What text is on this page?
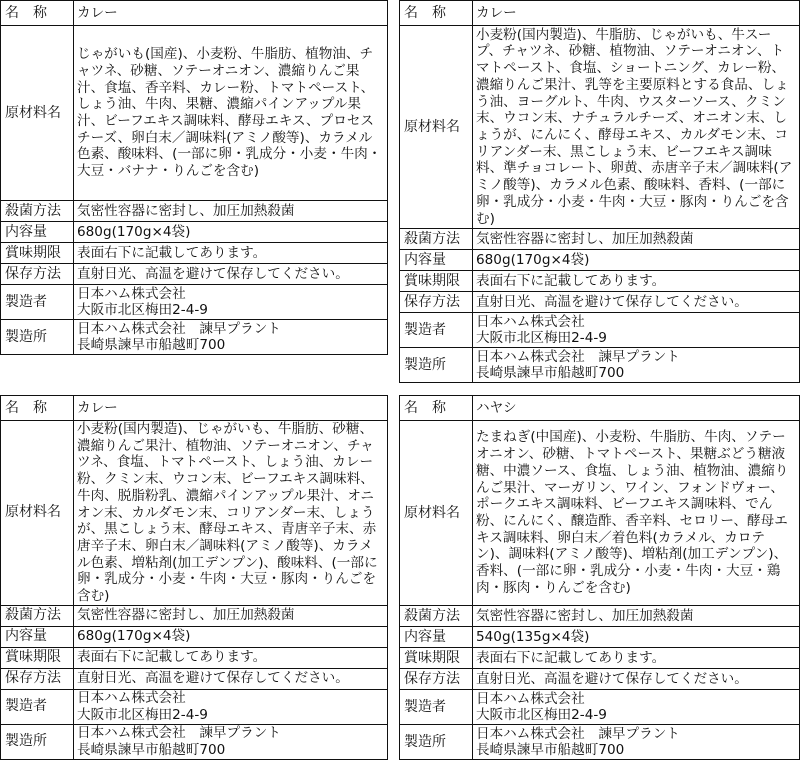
名　称	カレー

原材料名	じゃがいも(国産)、小麦粉、牛脂肪、植物油、チャツネ、砂糖、ソテーオニオン、濃縮りんご果汁、食塩、香辛料、カレー粉、トマトペースト、しょう油、牛肉、果糖、濃縮パインアップル果汁、ビーフエキス調味料、酵母エキス、プロセスチーズ、卵白末／調味料(アミノ酸等)、カラメル色素、酸味料、(一部に卵・乳成分・小麦・牛肉・大豆・バナナ・りんごを含む)

殺菌方法	気密性容器に密封し、加圧加熱殺菌

内容量	680g(170g×4袋)

賞味期限	表面右下に記載してあります。

保存方法	直射日光、高温を避けて保存してください。

製造者	日本ハム株式会社
大阪市北区梅田2-4-9

製造所	日本ハム株式会社　諫早プラント
長崎県諫早市船越町700
名　称	カレー

原材料名	小麦粉(国内製造)、牛脂肪、じゃがいも、牛スープ、チャツネ、砂糖、植物油、ソテーオニオン、トマトペースト、食塩、ショートニング、カレー粉、濃縮りんご果汁、乳等を主要原料とする食品、しょう油、ヨーグルト、牛肉、ウスターソース、クミン末、ウコン末、ナチュラルチーズ、オニオン末、しょうが、にんにく、酵母エキス、カルダモン末、コリアンダー末、黒こしょう末、ビーフエキス調味料、準チョコレート、卵黄、赤唐辛子末／調味料(アミノ酸等)、カラメル色素、酸味料、香料、(一部に卵・乳成分・小麦・牛肉・大豆・豚肉・りんごを含む)

殺菌方法	気密性容器に密封し、加圧加熱殺菌

内容量	680g(170g×4袋)

賞味期限	表面右下に記載してあります。

保存方法	直射日光、高温を避けて保存してください。

製造者	日本ハム株式会社
大阪市北区梅田2-4-9

製造所	日本ハム株式会社　諫早プラント
長崎県諫早市船越町700
名　称	カレー

原材料名	小麦粉(国内製造)、じゃがいも、牛脂肪、砂糖、濃縮りんご果汁、植物油、ソテーオニオン、チャツネ、食塩、トマトペースト、しょう油、カレー粉、クミン末、ウコン末、ビーフエキス調味料、牛肉、脱脂粉乳、濃縮パインアップル果汁、オニオン末、カルダモン末、コリアンダー末、しょうが、黒こしょう末、酵母エキス、青唐辛子末、赤唐辛子末、卵白末／調味料(アミノ酸等)、カラメル色素、増粘剤(加工デンプン)、酸味料、(一部に卵・乳成分・小麦・牛肉・大豆・豚肉・りんごを含む)

殺菌方法	気密性容器に密封し、加圧加熱殺菌

内容量	680g(170g×4袋)

賞味期限	表面右下に記載してあります。

保存方法	直射日光、高温を避けて保存してください。

製造者	日本ハム株式会社
大阪市北区梅田2-4-9

製造所	日本ハム株式会社　諫早プラント
長崎県諫早市船越町700
名　称	ハヤシ

原材料名	たまねぎ(中国産)、小麦粉、牛脂肪、牛肉、ソテーオニオン、砂糖、トマトペースト、果糖ぶどう糖液糖、中濃ソース、食塩、しょう油、植物油、濃縮りんご果汁、マーガリン、ワイン、フォンドヴォー、ポークエキス調味料、ビーフエキス調味料、でん粉、にんにく、醸造酢、香辛料、セロリー、酵母エキス調味料、卵白末／着色料(カラメル、カロテン)、調味料(アミノ酸等)、増粘剤(加工デンプン)、香料、(一部に卵・乳成分・小麦・牛肉・大豆・鶏肉・豚肉・りんごを含む)

殺菌方法	気密性容器に密封し、加圧加熱殺菌

内容量	540g(135g×4袋)

賞味期限	表面右下に記載してあります。

保存方法	直射日光、高温を避けて保存してください。

製造者	日本ハム株式会社
大阪市北区梅田2-4-9

製造所	日本ハム株式会社　諫早プラント
長崎県諫早市船越町700
